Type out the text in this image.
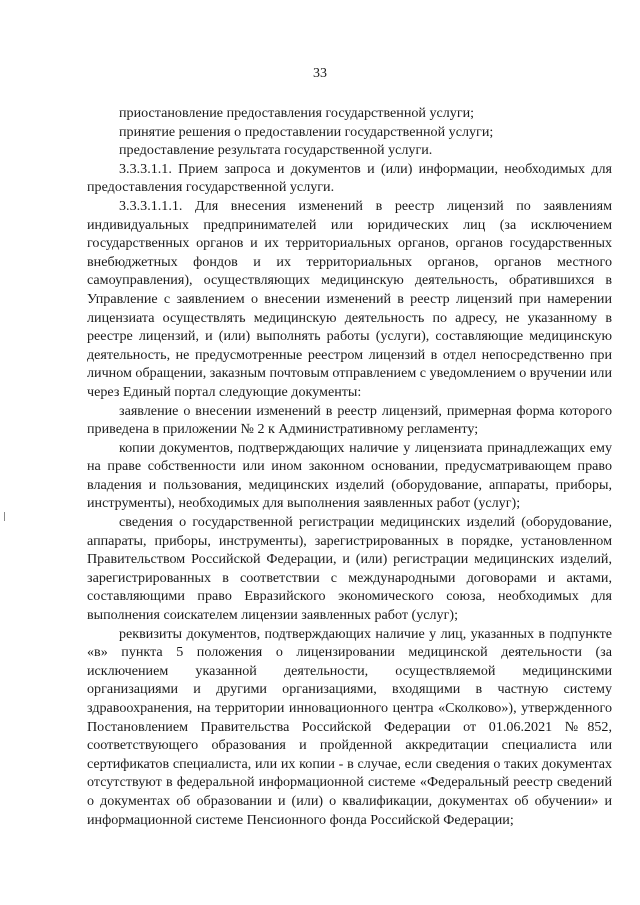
33

приостановление предоставления государственной услуги;

принятие решения о предоставлении государственной услуги;

предоставление результата государственной услуги.

3.3.3.1.1. Прием запроса и документов и (или) информации, необходимых для предоставления государственной услуги.

3.3.3.1.1.1. Для внесения изменений в реестр лицензий по заявлениям индивидуальных предпринимателей или юридических лиц (за исключением государственных органов и их территориальных органов, органов государственных внебюджетных фондов и их территориальных органов, органов местного самоуправления), осуществляющих медицинскую деятельность, обратившихся в Управление с заявлением о внесении изменений в реестр лицензий при намерении лицензиата осуществлять медицинскую деятельность по адресу, не указанному в реестре лицензий, и (или) выполнять работы (услуги), составляющие медицинскую деятельность, не предусмотренные реестром лицензий в отдел непосредственно при личном обращении, заказным почтовым отправлением с уведомлением о вручении или через Единый портал следующие документы:

заявление о внесении изменений в реестр лицензий, примерная форма которого приведена в приложении № 2 к Административному регламенту;

копии документов, подтверждающих наличие у лицензиата принадлежащих ему на праве собственности или ином законном основании, предусматривающем право владения и пользования, медицинских изделий (оборудование, аппараты, приборы, инструменты), необходимых для выполнения заявленных работ (услуг);

сведения о государственной регистрации медицинских изделий (оборудование, аппараты, приборы, инструменты), зарегистрированных в порядке, установленном Правительством Российской Федерации, и (или) регистрации медицинских изделий, зарегистрированных в соответствии с международными договорами и актами, составляющими право Евразийского экономического союза, необходимых для выполнения соискателем лицензии заявленных работ (услуг);

реквизиты документов, подтверждающих наличие у лиц, указанных в подпункте «в» пункта 5 положения о лицензировании медицинской деятельности (за исключением указанной деятельности, осуществляемой медицинскими организациями и другими организациями, входящими в частную систему здравоохранения, на территории инновационного центра «Сколково»), утвержденного Постановлением Правительства Российской Федерации от 01.06.2021 №852, соответствующего образования и пройденной аккредитации специалиста или сертификатов специалиста, или их копии - в случае, если сведения о таких документах отсутствуют в федеральной информационной системе «Федеральный реестр сведений о документах об образовании и (или) о квалификации, документах об обучении» и информационной системе Пенсионного фонда Российской Федерации;
